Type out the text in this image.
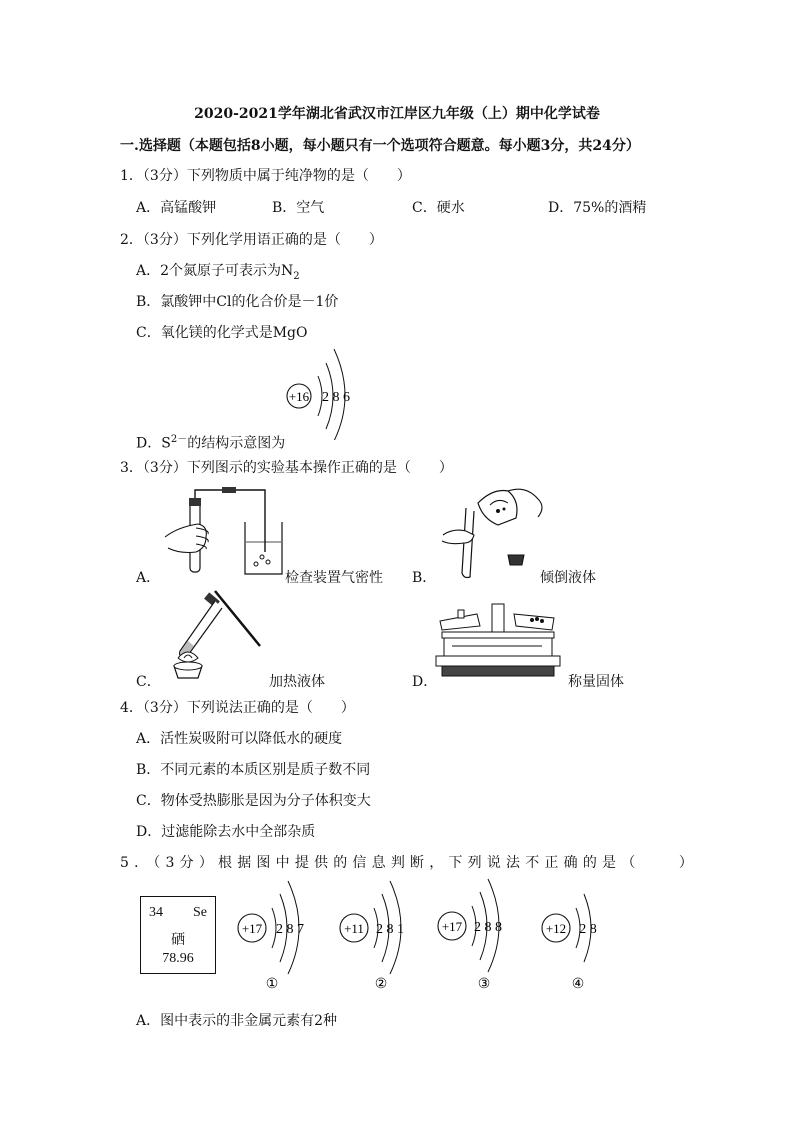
2020-2021学年湖北省武汉市江岸区九年级（上）期中化学试卷
一.选择题（本题包括8小题，每小题只有一个选项符合题意。每小题3分，共24分）
1．（3分）下列物质中属于纯净物的是（　　）
A．高锰酸钾	B．空气	C．硬水	D．75%的酒精
2．（3分）下列化学用语正确的是（　　）
A．2个氮原子可表示为$N_2$
B．氯酸钾中Cl的化合价是－1价
C．氧化镁的化学式是MgO
+16 2 8 6
D．$S^{2-}$的结构示意图为
3．（3分）下列图示的实验基本操作正确的是（　　）
A．	检查装置气密性 B．	倾倒液体
C．	加热液体	D．	称量固体
4．（3分）下列说法正确的是（　　）
A．活性炭吸附可以降低水的硬度
B．不同元素的本质区别是质子数不同
C．物体受热膨胀是因为分子体积变大
D．过滤能除去水中全部杂质
5．（3分）根据图中提供的信息判断，下列说法不正确的是（　　）
34 Se
硒
78.96
+17 2 8 7
①
+11 2 8 1
②
+17 2 8 8
③
+12 2 8
④
A．图中表示的非金属元素有2种
